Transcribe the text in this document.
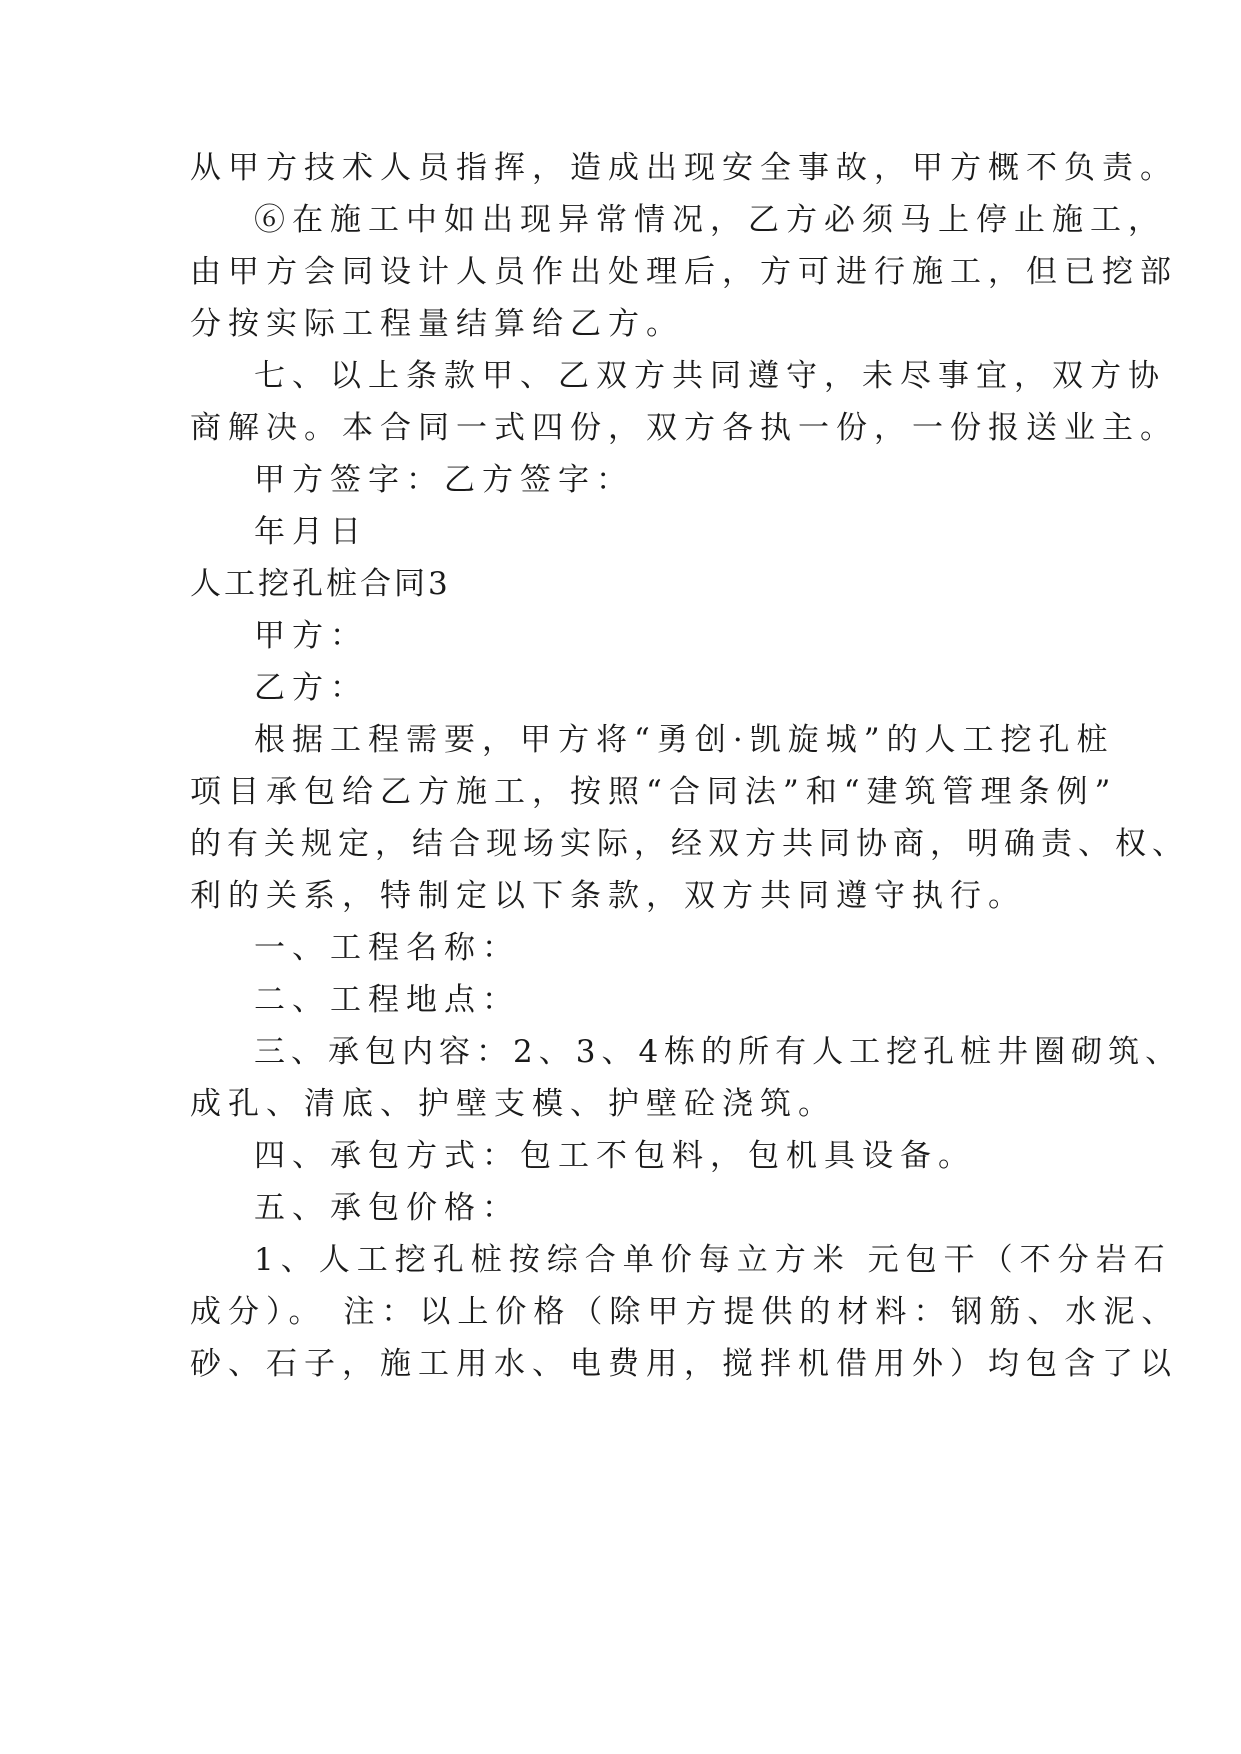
从甲方技术人员指挥，造成出现安全事故，甲方概不负责。

⑥在施工中如出现异常情况，乙方必须马上停止施工，

由甲方会同设计人员作出处理后，方可进行施工，但已挖部

分按实际工程量结算给乙方。

七、以上条款甲、乙双方共同遵守，未尽事宜，双方协

商解决。本合同一式四份，双方各执一份，一份报送业主。

甲方签字：乙方签字：

年月日

人工挖孔桩合同3

甲方：

乙方：

根据工程需要，甲方将“勇创·凯旋城”的人工挖孔桩

项目承包给乙方施工，按照“合同法”和“建筑管理条例”

的有关规定，结合现场实际，经双方共同协商，明确责、权、

利的关系，特制定以下条款，双方共同遵守执行。

一、工程名称：

二、工程地点：

三、承包内容：2、3、4栋的所有人工挖孔桩井圈砌筑、

成孔、清底、护壁支模、护壁砼浇筑。

四、承包方式：包工不包料，包机具设备。

五、承包价格：

1、人工挖孔桩按综合单价每立方米 元包干（不分岩石

成分）。 注：以上价格（除甲方提供的材料：钢筋、水泥、

砂、石子，施工用水、电费用，搅拌机借用外）均包含了以
